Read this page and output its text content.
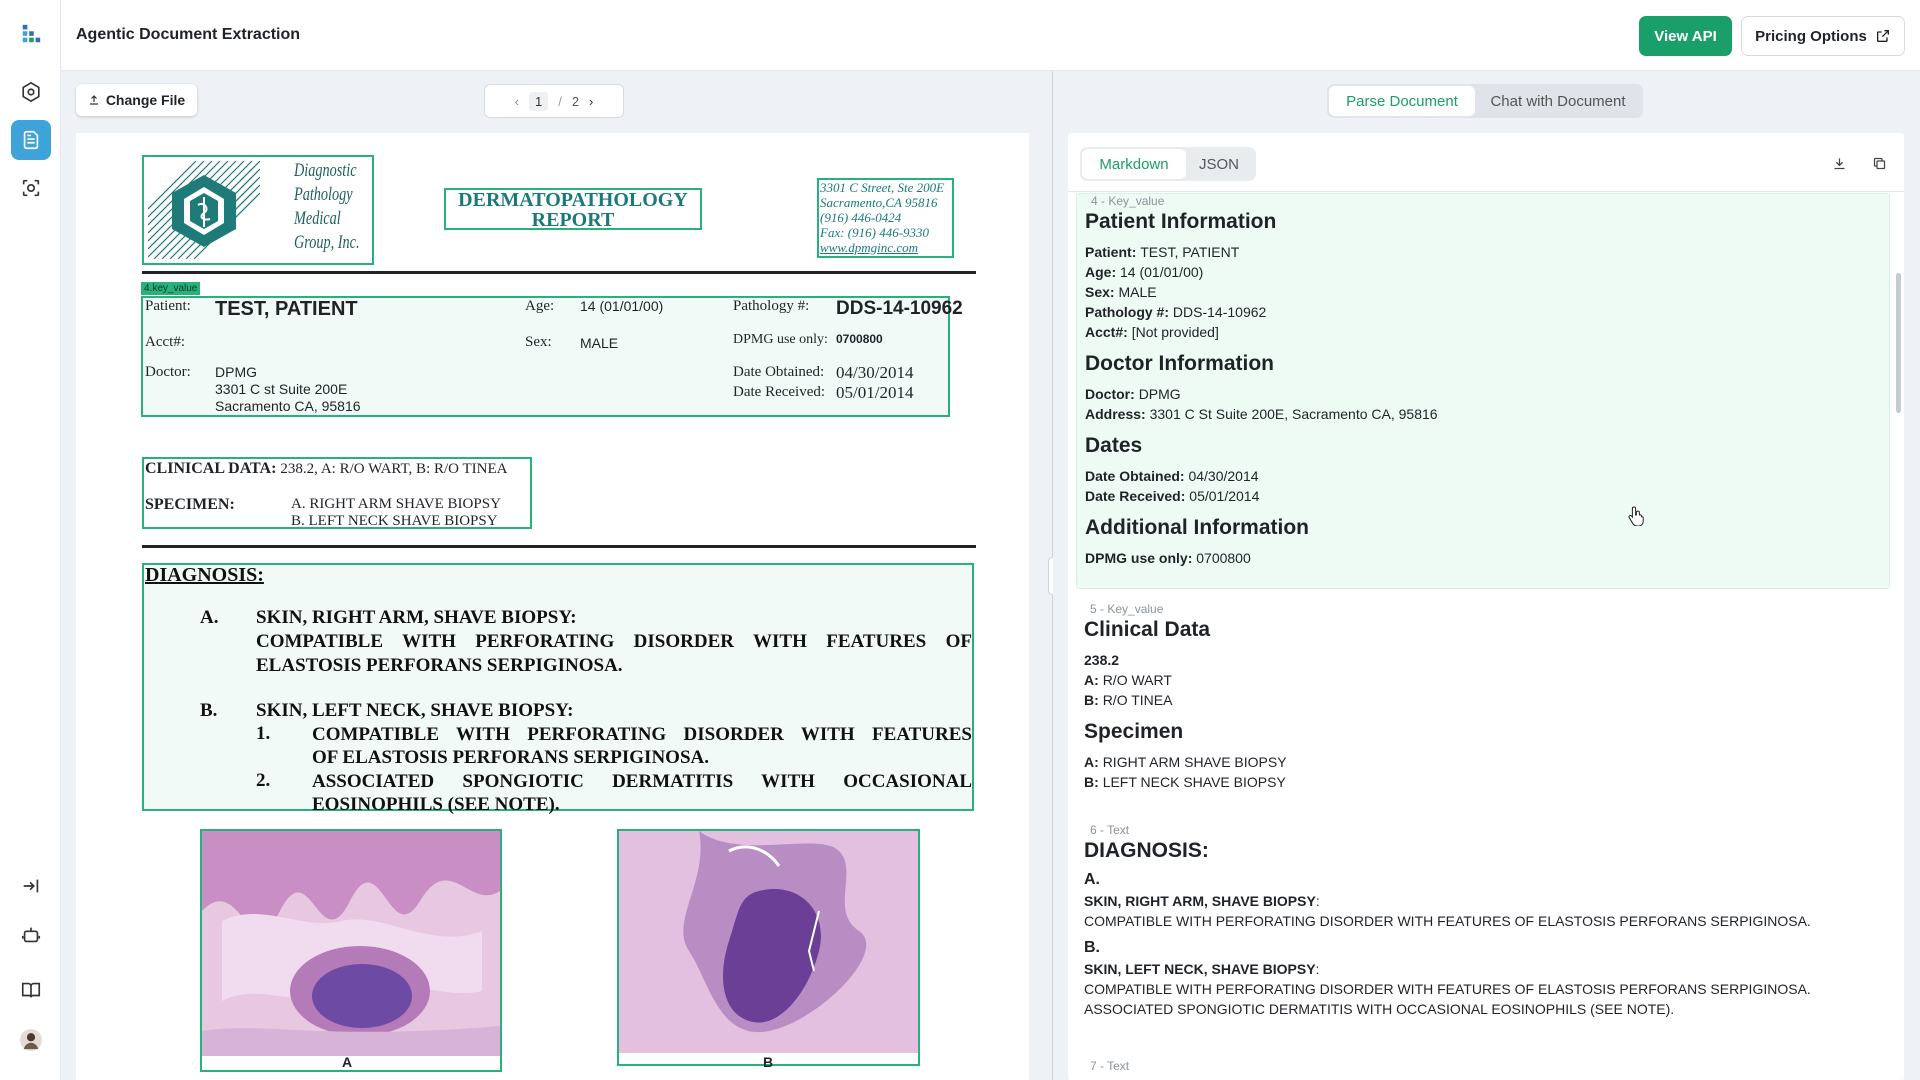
Agentic Document Extraction	View API	Pricing Options
Change File	‹	1	/ 2 ›
Diagnostic
Pathology
Medical
Group, Inc.
DERMATOPATHOLOGY
REPORT
3301 C Street, Ste 200E
Sacramento,CA 95816
(916) 446-0424
Fax: (916) 446-9330
www.dpmginc.com
4.key_value
Patient: TEST, PATIENT	Age: 14 (01/01/00)	Pathology #: DDS-14-10962
Acct#:	Sex: MALE	DPMG use only: 0700800
Doctor: DPMG
3301 C st Suite 200E
Sacramento CA, 95816
Date Obtained: 04/30/2014
Date Received: 05/01/2014
CLINICAL DATA: 238.2, A: R/O WART, B: R/O TINEA
SPECIMEN:	A. RIGHT ARM SHAVE BIOPSY
B. LEFT NECK SHAVE BIOPSY
DIAGNOSIS:
A. SKIN, RIGHT ARM, SHAVE BIOPSY:
COMPATIBLE WITH PERFORATING DISORDER WITH FEATURES OF
ELASTOSIS PERFORANS SERPIGINOSA.
B. SKIN, LEFT NECK, SHAVE BIOPSY:
1. COMPATIBLE WITH PERFORATING DISORDER WITH FEATURES
OF ELASTOSIS PERFORANS SERPIGINOSA.
2. ASSOCIATED SPONGIOTIC DERMATITIS WITH OCCASIONAL
EOSINOPHILS (SEE NOTE).
A	B
Parse Document	Chat with Document
Markdown	JSON
4 - Key_value
Patient Information
Patient: TEST, PATIENT
Age: 14 (01/01/00)
Sex: MALE
Pathology #: DDS-14-10962
Acct#: [Not provided]
Doctor Information
Doctor: DPMG
Address: 3301 C St Suite 200E, Sacramento CA, 95816
Dates
Date Obtained: 04/30/2014
Date Received: 05/01/2014
Additional Information
DPMG use only: 0700800
5 - Key_value
Clinical Data
238.2
A: R/O WART
B: R/O TINEA
Specimen
A: RIGHT ARM SHAVE BIOPSY
B: LEFT NECK SHAVE BIOPSY
6 - Text
DIAGNOSIS:
A.
SKIN, RIGHT ARM, SHAVE BIOPSY:
COMPATIBLE WITH PERFORATING DISORDER WITH FEATURES OF ELASTOSIS PERFORANS SERPIGINOSA.
B.
SKIN, LEFT NECK, SHAVE BIOPSY:
COMPATIBLE WITH PERFORATING DISORDER WITH FEATURES OF ELASTOSIS PERFORANS SERPIGINOSA.
ASSOCIATED SPONGIOTIC DERMATITIS WITH OCCASIONAL EOSINOPHILS (SEE NOTE).
7 - Text
